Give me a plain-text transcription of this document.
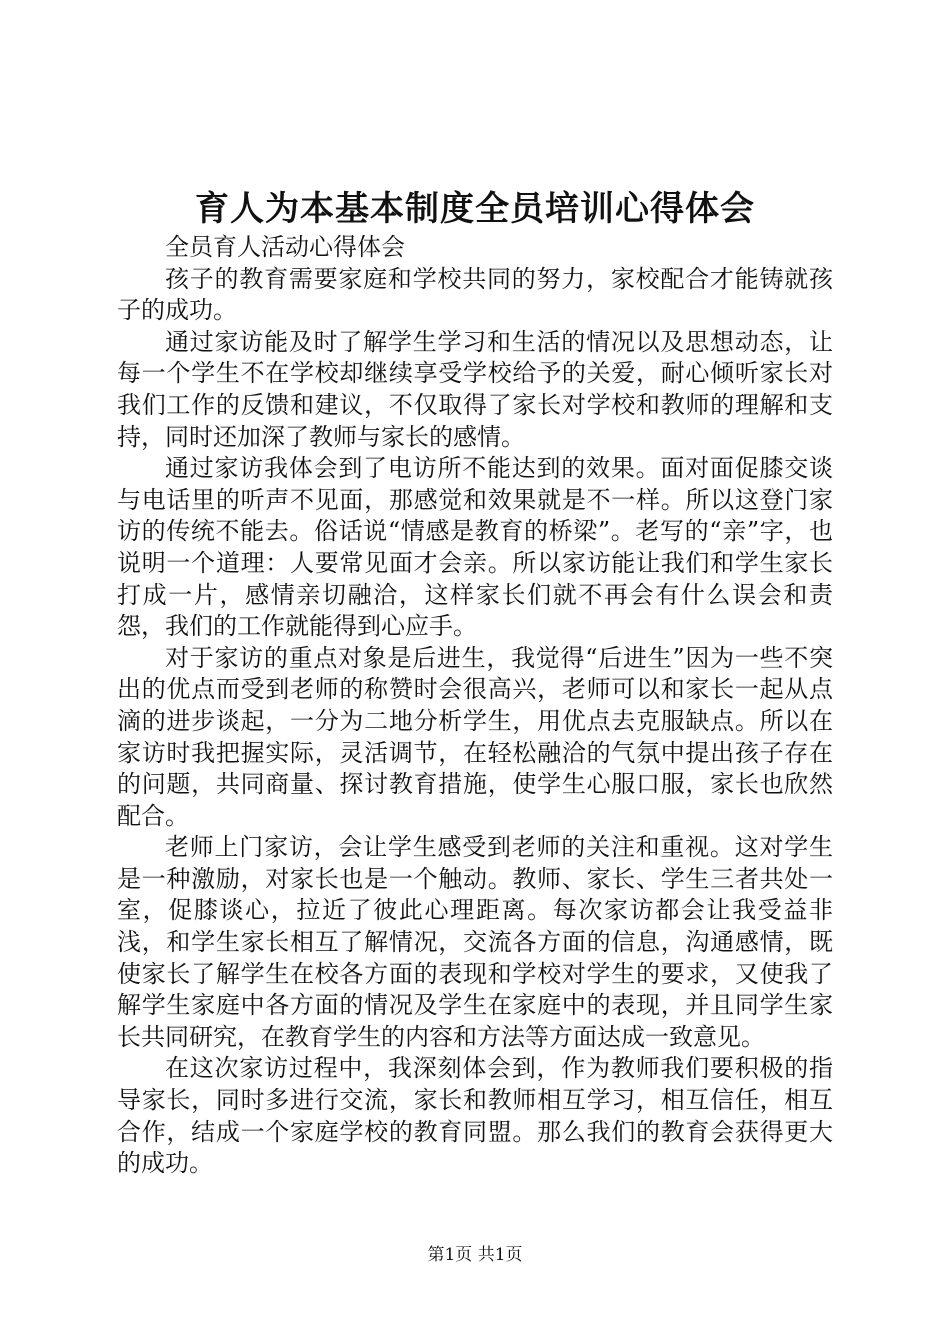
育人为本基本制度全员培训心得体会

全员育人活动心得体会

孩子的教育需要家庭和学校共同的努力，家校配合才能铸就孩子的成功。

通过家访能及时了解学生学习和生活的情况以及思想动态，让每一个学生不在学校却继续享受学校给予的关爱，耐心倾听家长对我们工作的反馈和建议，不仅取得了家长对学校和教师的理解和支持，同时还加深了教师与家长的感情。

通过家访我体会到了电访所不能达到的效果。面对面促膝交谈与电话里的听声不见面，那感觉和效果就是不一样。所以这登门家访的传统不能去。俗话说“情感是教育的桥梁”。老写的“亲”字，也说明一个道理：人要常见面才会亲。所以家访能让我们和学生家长打成一片，感情亲切融洽，这样家长们就不再会有什么误会和责怨，我们的工作就能得到心应手。

对于家访的重点对象是后进生，我觉得“后进生”因为一些不突出的优点而受到老师的称赞时会很高兴，老师可以和家长一起从点滴的进步谈起，一分为二地分析学生，用优点去克服缺点。所以在家访时我把握实际，灵活调节，在轻松融洽的气氛中提出孩子存在的问题，共同商量、探讨教育措施，使学生心服口服，家长也欣然配合。

老师上门家访，会让学生感受到老师的关注和重视。这对学生是一种激励，对家长也是一个触动。教师、家长、学生三者共处一室，促膝谈心，拉近了彼此心理距离。每次家访都会让我受益非浅，和学生家长相互了解情况，交流各方面的信息，沟通感情，既使家长了解学生在校各方面的表现和学校对学生的要求，又使我了解学生家庭中各方面的情况及学生在家庭中的表现，并且同学生家长共同研究，在教育学生的内容和方法等方面达成一致意见。

在这次家访过程中，我深刻体会到，作为教师我们要积极的指导家长，同时多进行交流，家长和教师相互学习，相互信任，相互合作，结成一个家庭学校的教育同盟。那么我们的教育会获得更大的成功。

第1页 共1页
